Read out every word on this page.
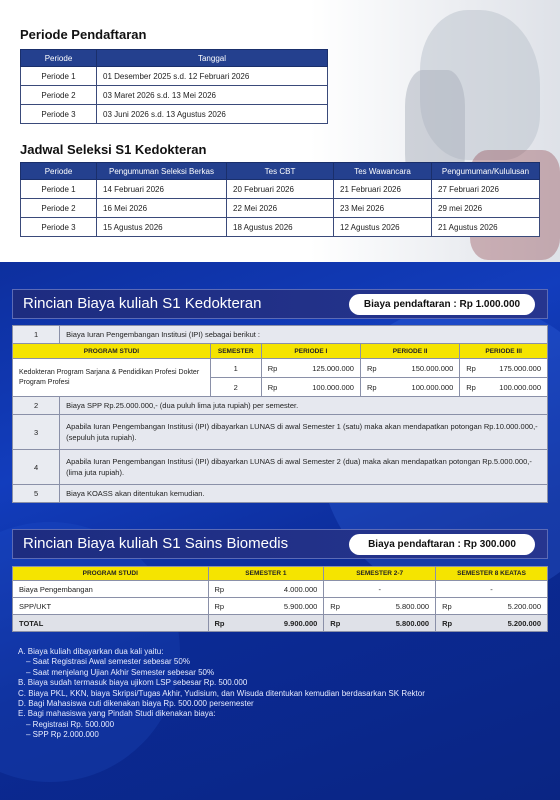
Periode Pendaftaran
Periode	Tanggal
Periode 1	01 Desember 2025 s.d. 12 Februari 2026
Periode 2	03 Maret 2026 s.d. 13 Mei 2026
Periode 3	03 Juni 2026 s.d. 13 Agustus 2026
Jadwal Seleksi S1 Kedokteran
Periode	Pengumuman Seleksi Berkas	Tes CBT	Tes Wawancara	Pengumuman/Kululusan
Periode 1	14 Februari 2026	20 Februari 2026	21 Februari 2026	27 Februari 2026
Periode 2	16 Mei 2026	22 Mei 2026	23 Mei 2026	29 mei 2026
Periode 3	15 Agustus 2026	18 Agustus 2026	12 Agustus 2026	21 Agustus 2026
Rincian Biaya kuliah S1 Kedokteran	Biaya pendaftaran : Rp 1.000.000
1	Biaya Iuran Pengembangan Institusi (IPI) sebagai berikut :							
PROGRAM STUDI		SEMESTER	PERIODE I		PERIODE II		PERIODE III	
Kedokteran Program Sarjana & Pendidikan Profesi Dokter Program Profesi		1	Rp	125.000.000	Rp	150.000.000	Rp	175.000.000
		2	Rp	100.000.000	Rp	100.000.000	Rp	100.000.000
2	Biaya SPP Rp.25.000.000,- (dua puluh lima juta rupiah) per semester.							
3	Apabila Iuran Pengembangan Institusi (IPI) dibayarkan LUNAS di awal Semester 1 (satu) maka akan mendapatkan potongan Rp.10.000.000,- (sepuluh juta rupiah).							
4	Apabila Iuran Pengembangan Institusi (IPI) dibayarkan LUNAS di awal Semester 2 (dua) maka akan mendapatkan potongan Rp.5.000.000,- (lima juta rupiah).							
5	Biaya KOASS akan ditentukan kemudian.							
Rincian Biaya kuliah S1 Sains Biomedis	Biaya pendaftaran : Rp 300.000
PROGRAM STUDI	SEMESTER 1		SEMESTER 2-7		SEMESTER 8 KEATAS	
Biaya Pengembangan	Rp	4.000.000	-		-	
SPP/UKT	Rp	5.900.000	Rp	5.800.000	Rp	5.200.000
TOTAL	Rp	9.900.000	Rp	5.800.000	Rp	5.200.000
A. Biaya kuliah dibayarkan dua kali yaitu:
– Saat Registrasi Awal semester sebesar 50%
– Saat menjelang Ujian Akhir Semester sebesar 50%
B. Biaya sudah termasuk biaya ujikom LSP sebesar Rp. 500.000
C. Biaya PKL, KKN, biaya Skripsi/Tugas Akhir, Yudisium, dan Wisuda ditentukan kemudian berdasarkan SK Rektor
D. Bagi Mahasiswa cuti dikenakan biaya Rp. 500.000 persemester
E. Bagi mahasiswa yang Pindah Studi dikenakan biaya:
– Registrasi Rp. 500.000
– SPP Rp 2.000.000
